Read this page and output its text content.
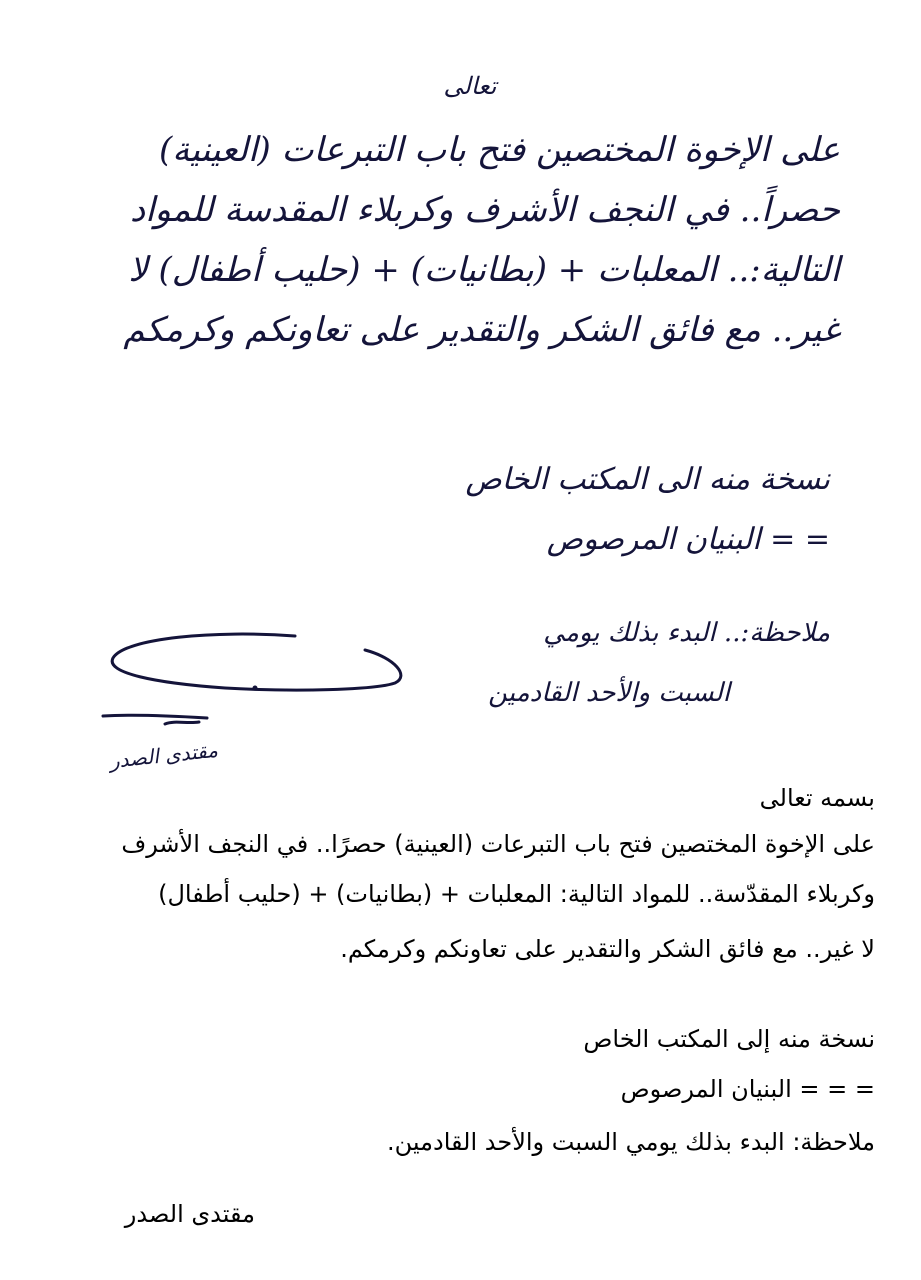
تعالى
على الإخوة المختصين فتح باب التبرعات (العينية)
حصراً.. في النجف الأشرف وكربلاء المقدسة للمواد
التالية:.. المعلبات + (بطانيات) + (حليب أطفال) لا
غير.. مع فائق الشكر والتقدير على تعاونكم وكرمكم
نسخة منه الى المكتب الخاص
= = البنيان المرصوص
ملاحظة:.. البدء بذلك يومي
السبت والأحد القادمين
مقتدى الصدر
بسمه تعالى
على الإخوة المختصين فتح باب التبرعات (العينية) حصرًا.. في النجف الأشرف
وكربلاء المقدّسة.. للمواد التالية: المعلبات + (بطانيات) + (حليب أطفال)
لا غير.. مع فائق الشكر والتقدير على تعاونكم وكرمكم.
نسخة منه إلى المكتب الخاص
= = = البنيان المرصوص
ملاحظة: البدء بذلك يومي السبت والأحد القادمين.
مقتدى الصدر
